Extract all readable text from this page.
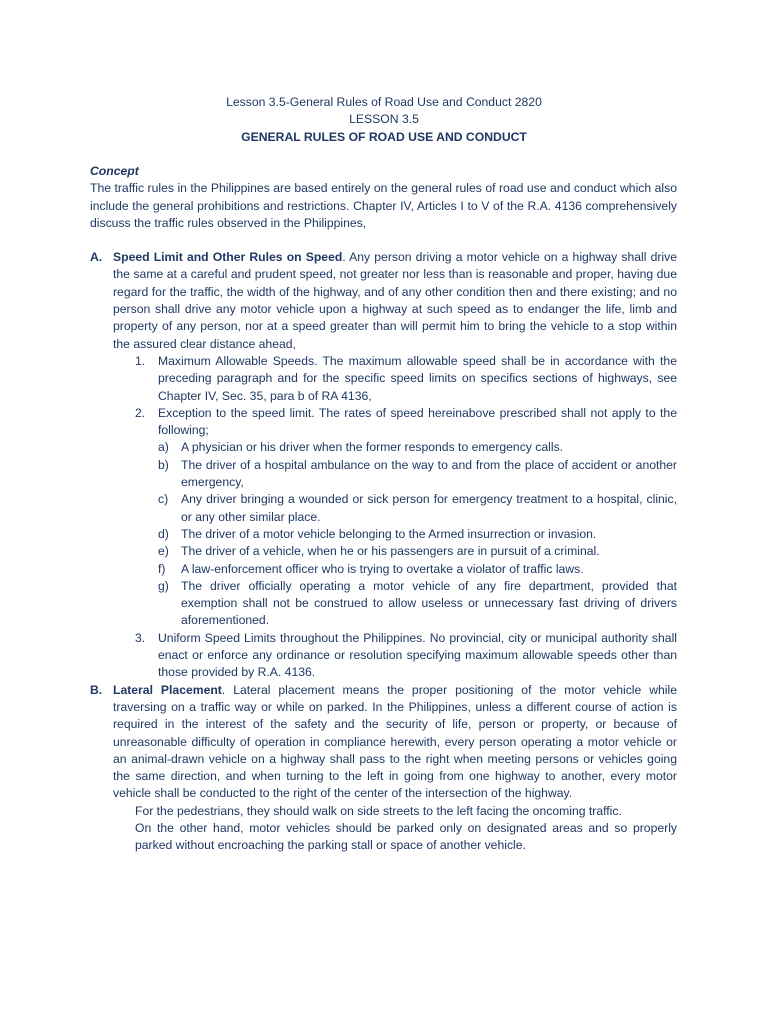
Lesson 3.5-General Rules of Road Use and Conduct 2820
LESSON 3.5
GENERAL RULES OF ROAD USE AND CONDUCT
Concept
The traffic rules in the Philippines are based entirely on the general rules of road use and conduct which also include the general prohibitions and restrictions. Chapter IV, Articles I to V of the R.A. 4136 comprehensively discuss the traffic rules observed in the Philippines,
A. Speed Limit and Other Rules on Speed. Any person driving a motor vehicle on a highway shall drive the same at a careful and prudent speed, not greater nor less than is reasonable and proper, having due regard for the traffic, the width of the highway, and of any other condition then and there existing; and no person shall drive any motor vehicle upon a highway at such speed as to endanger the life, limb and property of any person, nor at a speed greater than will permit him to bring the vehicle to a stop within the assured clear distance ahead,
1. Maximum Allowable Speeds. The maximum allowable speed shall be in accordance with the preceding paragraph and for the specific speed limits on specifics sections of highways, see Chapter IV, Sec. 35, para b of RA 4136,
2. Exception to the speed limit. The rates of speed hereinabove prescribed shall not apply to the following;
a) A physician or his driver when the former responds to emergency calls.
b) The driver of a hospital ambulance on the way to and from the place of accident or another emergency,
c) Any driver bringing a wounded or sick person for emergency treatment to a hospital, clinic, or any other similar place.
d) The driver of a motor vehicle belonging to the Armed insurrection or invasion.
e) The driver of a vehicle, when he or his passengers are in pursuit of a criminal.
f) A law-enforcement officer who is trying to overtake a violator of traffic laws.
g) The driver officially operating a motor vehicle of any fire department, provided that exemption shall not be construed to allow useless or unnecessary fast driving of drivers aforementioned.
3. Uniform Speed Limits throughout the Philippines. No provincial, city or municipal authority shall enact or enforce any ordinance or resolution specifying maximum allowable speeds other than those provided by R.A. 4136.
B. Lateral Placement. Lateral placement means the proper positioning of the motor vehicle while traversing on a traffic way or while on parked. In the Philippines, unless a different course of action is required in the interest of the safety and the security of life, person or property, or because of unreasonable difficulty of operation in compliance herewith, every person operating a motor vehicle or an animal-drawn vehicle on a highway shall pass to the right when meeting persons or vehicles going the same direction, and when turning to the left in going from one highway to another, every motor vehicle shall be conducted to the right of the center of the intersection of the highway.
For the pedestrians, they should walk on side streets to the left facing the oncoming traffic.
On the other hand, motor vehicles should be parked only on designated areas and so properly parked without encroaching the parking stall or space of another vehicle.
